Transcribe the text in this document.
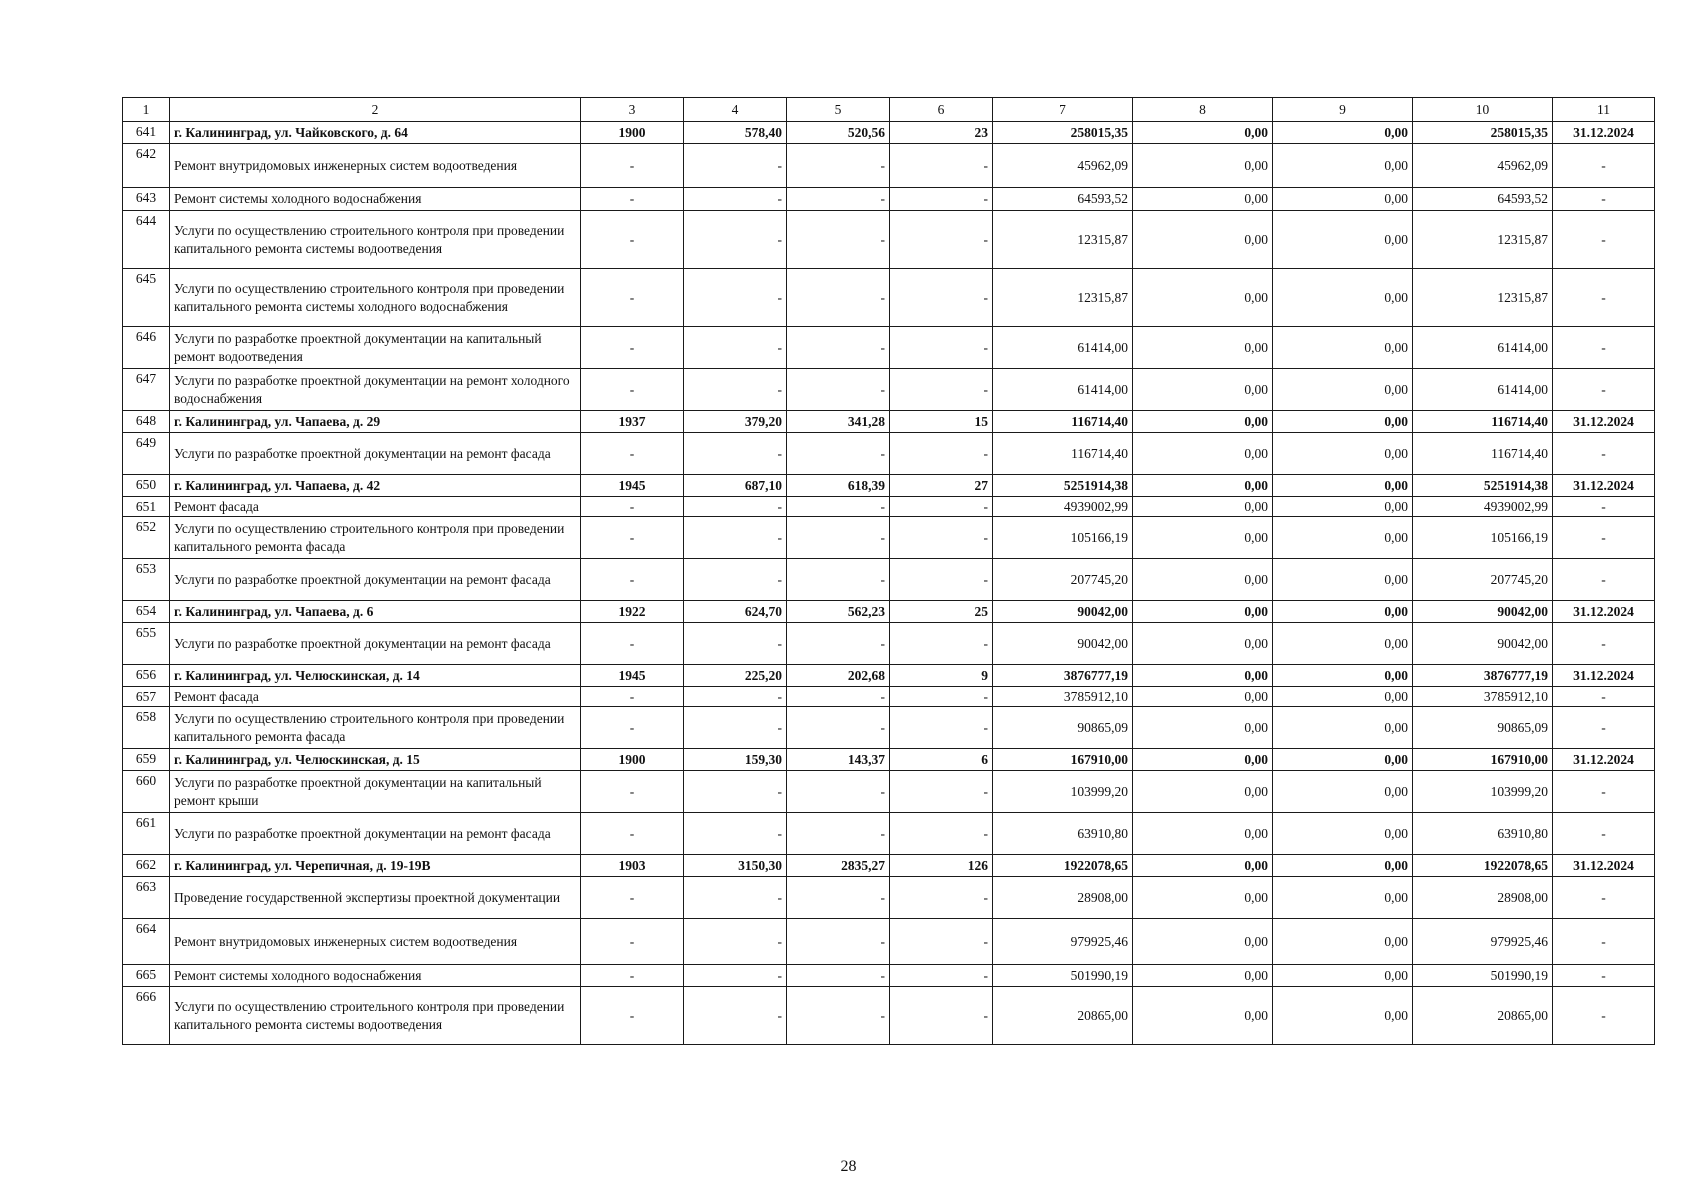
1	2	3	4	5	6	7	8	9	10	11
641	г. Калининград, ул. Чайковского, д. 64	1900	578,40	520,56	23	258015,35	0,00	0,00	258015,35	31.12.2024
642	Ремонт внутридомовых инженерных систем водоотведения	-	-	-	-	45962,09	0,00	0,00	45962,09	-
643	Ремонт системы холодного водоснабжения	-	-	-	-	64593,52	0,00	0,00	64593,52	-
644	Услуги по осуществлению строительного контроля при проведении капитального ремонта системы водоотведения	-	-	-	-	12315,87	0,00	0,00	12315,87	-
645	Услуги по осуществлению строительного контроля при проведении капитального ремонта системы холодного водоснабжения	-	-	-	-	12315,87	0,00	0,00	12315,87	-
646	Услуги по разработке проектной документации на капитальный ремонт водоотведения	-	-	-	-	61414,00	0,00	0,00	61414,00	-
647	Услуги по разработке проектной документации на ремонт холодного водоснабжения	-	-	-	-	61414,00	0,00	0,00	61414,00	-
648	г. Калининград, ул. Чапаева, д. 29	1937	379,20	341,28	15	116714,40	0,00	0,00	116714,40	31.12.2024
649	Услуги по разработке проектной документации на ремонт фасада	-	-	-	-	116714,40	0,00	0,00	116714,40	-
650	г. Калининград, ул. Чапаева, д. 42	1945	687,10	618,39	27	5251914,38	0,00	0,00	5251914,38	31.12.2024
651	Ремонт фасада	-	-	-	-	4939002,99	0,00	0,00	4939002,99	-
652	Услуги по осуществлению строительного контроля при проведении капитального ремонта фасада	-	-	-	-	105166,19	0,00	0,00	105166,19	-
653	Услуги по разработке проектной документации на ремонт фасада	-	-	-	-	207745,20	0,00	0,00	207745,20	-
654	г. Калининград, ул. Чапаева, д. 6	1922	624,70	562,23	25	90042,00	0,00	0,00	90042,00	31.12.2024
655	Услуги по разработке проектной документации на ремонт фасада	-	-	-	-	90042,00	0,00	0,00	90042,00	-
656	г. Калининград, ул. Челюскинская, д. 14	1945	225,20	202,68	9	3876777,19	0,00	0,00	3876777,19	31.12.2024
657	Ремонт фасада	-	-	-	-	3785912,10	0,00	0,00	3785912,10	-
658	Услуги по осуществлению строительного контроля при проведении капитального ремонта фасада	-	-	-	-	90865,09	0,00	0,00	90865,09	-
659	г. Калининград, ул. Челюскинская, д. 15	1900	159,30	143,37	6	167910,00	0,00	0,00	167910,00	31.12.2024
660	Услуги по разработке проектной документации на капитальный ремонт крыши	-	-	-	-	103999,20	0,00	0,00	103999,20	-
661	Услуги по разработке проектной документации на ремонт фасада	-	-	-	-	63910,80	0,00	0,00	63910,80	-
662	г. Калининград, ул. Черепичная, д. 19-19В	1903	3150,30	2835,27	126	1922078,65	0,00	0,00	1922078,65	31.12.2024
663	Проведение государственной экспертизы проектной документации	-	-	-	-	28908,00	0,00	0,00	28908,00	-
664	Ремонт внутридомовых инженерных систем водоотведения	-	-	-	-	979925,46	0,00	0,00	979925,46	-
665	Ремонт системы холодного водоснабжения	-	-	-	-	501990,19	0,00	0,00	501990,19	-
666	Услуги по осуществлению строительного контроля при проведении капитального ремонта системы водоотведения	-	-	-	-	20865,00	0,00	0,00	20865,00	-
28
